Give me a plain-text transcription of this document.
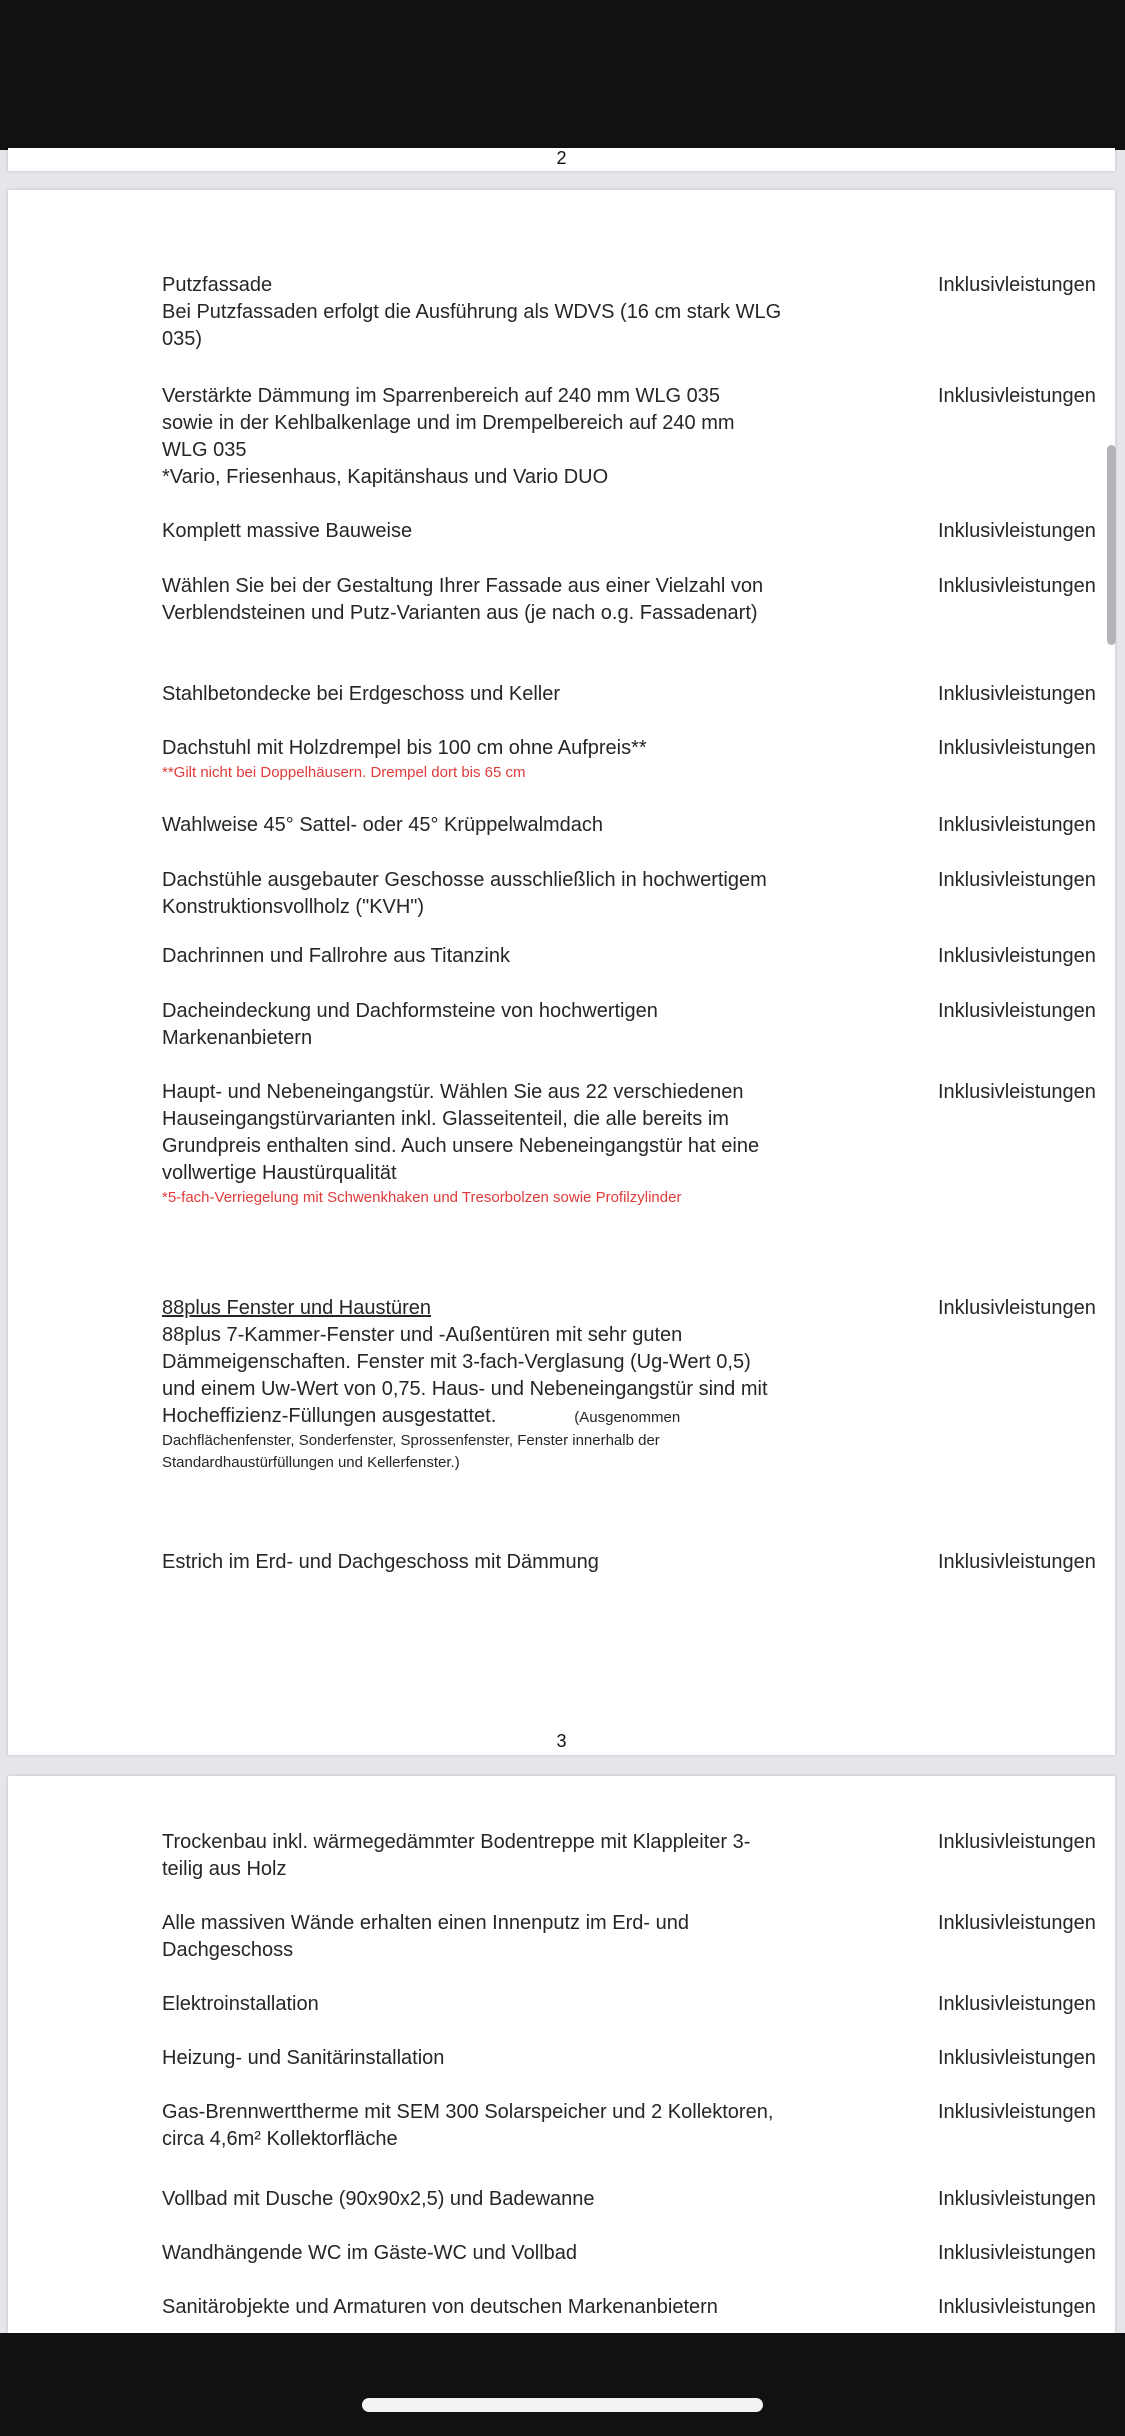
2
Putzfassade
Bei Putzfassaden erfolgt die Ausführung als WDVS (16 cm stark WLG
035)
Inklusivleistungen
Verstärkte Dämmung im Sparrenbereich auf 240 mm WLG 035
sowie in der Kehlbalkenlage und im Drempelbereich auf 240 mm
WLG 035
*Vario, Friesenhaus, Kapitänshaus und Vario DUO
Inklusivleistungen
Komplett massive Bauweise	Inklusivleistungen
Wählen Sie bei der Gestaltung Ihrer Fassade aus einer Vielzahl von
Verblendsteinen und Putz-Varianten aus (je nach o.g. Fassadenart)
Inklusivleistungen
Stahlbetondecke bei Erdgeschoss und Keller	Inklusivleistungen
Dachstuhl mit Holzdrempel bis 100 cm ohne Aufpreis**
**Gilt nicht bei Doppelhäusern. Drempel dort bis 65 cm
Inklusivleistungen
Wahlweise 45° Sattel- oder 45° Krüppelwalmdach	Inklusivleistungen
Dachstühle ausgebauter Geschosse ausschließlich in hochwertigem
Konstruktionsvollholz ("KVH")
Inklusivleistungen
Dachrinnen und Fallrohre aus Titanzink	Inklusivleistungen
Dacheindeckung und Dachformsteine von hochwertigen
Markenanbietern
Inklusivleistungen
Haupt- und Nebeneingangstür. Wählen Sie aus 22 verschiedenen
Hauseingangstürvarianten inkl. Glasseitenteil, die alle bereits im
Grundpreis enthalten sind. Auch unsere Nebeneingangstür hat eine
vollwertige Haustürqualität
*5-fach-Verriegelung mit Schwenkhaken und Tresorbolzen sowie Profilzylinder
Inklusivleistungen
88plus Fenster und Haustüren
88plus 7-Kammer-Fenster und -Außentüren mit sehr guten
Dämmeigenschaften. Fenster mit 3-fach-Verglasung (Ug-Wert 0,5)
und einem Uw-Wert von 0,75. Haus- und Nebeneingangstür sind mit
Hocheffizienz-Füllungen ausgestattet.	(Ausgenommen
Dachflächenfenster, Sonderfenster, Sprossenfenster, Fenster innerhalb der
Standardhaustürfüllungen und Kellerfenster.)
Inklusivleistungen
Estrich im Erd- und Dachgeschoss mit Dämmung	Inklusivleistungen
3
Trockenbau inkl. wärmegedämmter Bodentreppe mit Klappleiter 3-
teilig aus Holz
Inklusivleistungen
Alle massiven Wände erhalten einen Innenputz im Erd- und
Dachgeschoss
Inklusivleistungen
Elektroinstallation	Inklusivleistungen
Heizung- und Sanitärinstallation	Inklusivleistungen
Gas-Brennwerttherme mit SEM 300 Solarspeicher und 2 Kollektoren,
circa 4,6m² Kollektorfläche
Inklusivleistungen
Vollbad mit Dusche (90x90x2,5) und Badewanne	Inklusivleistungen
Wandhängende WC im Gäste-WC und Vollbad	Inklusivleistungen
Sanitärobjekte und Armaturen von deutschen Markenanbietern	Inklusivleistungen
